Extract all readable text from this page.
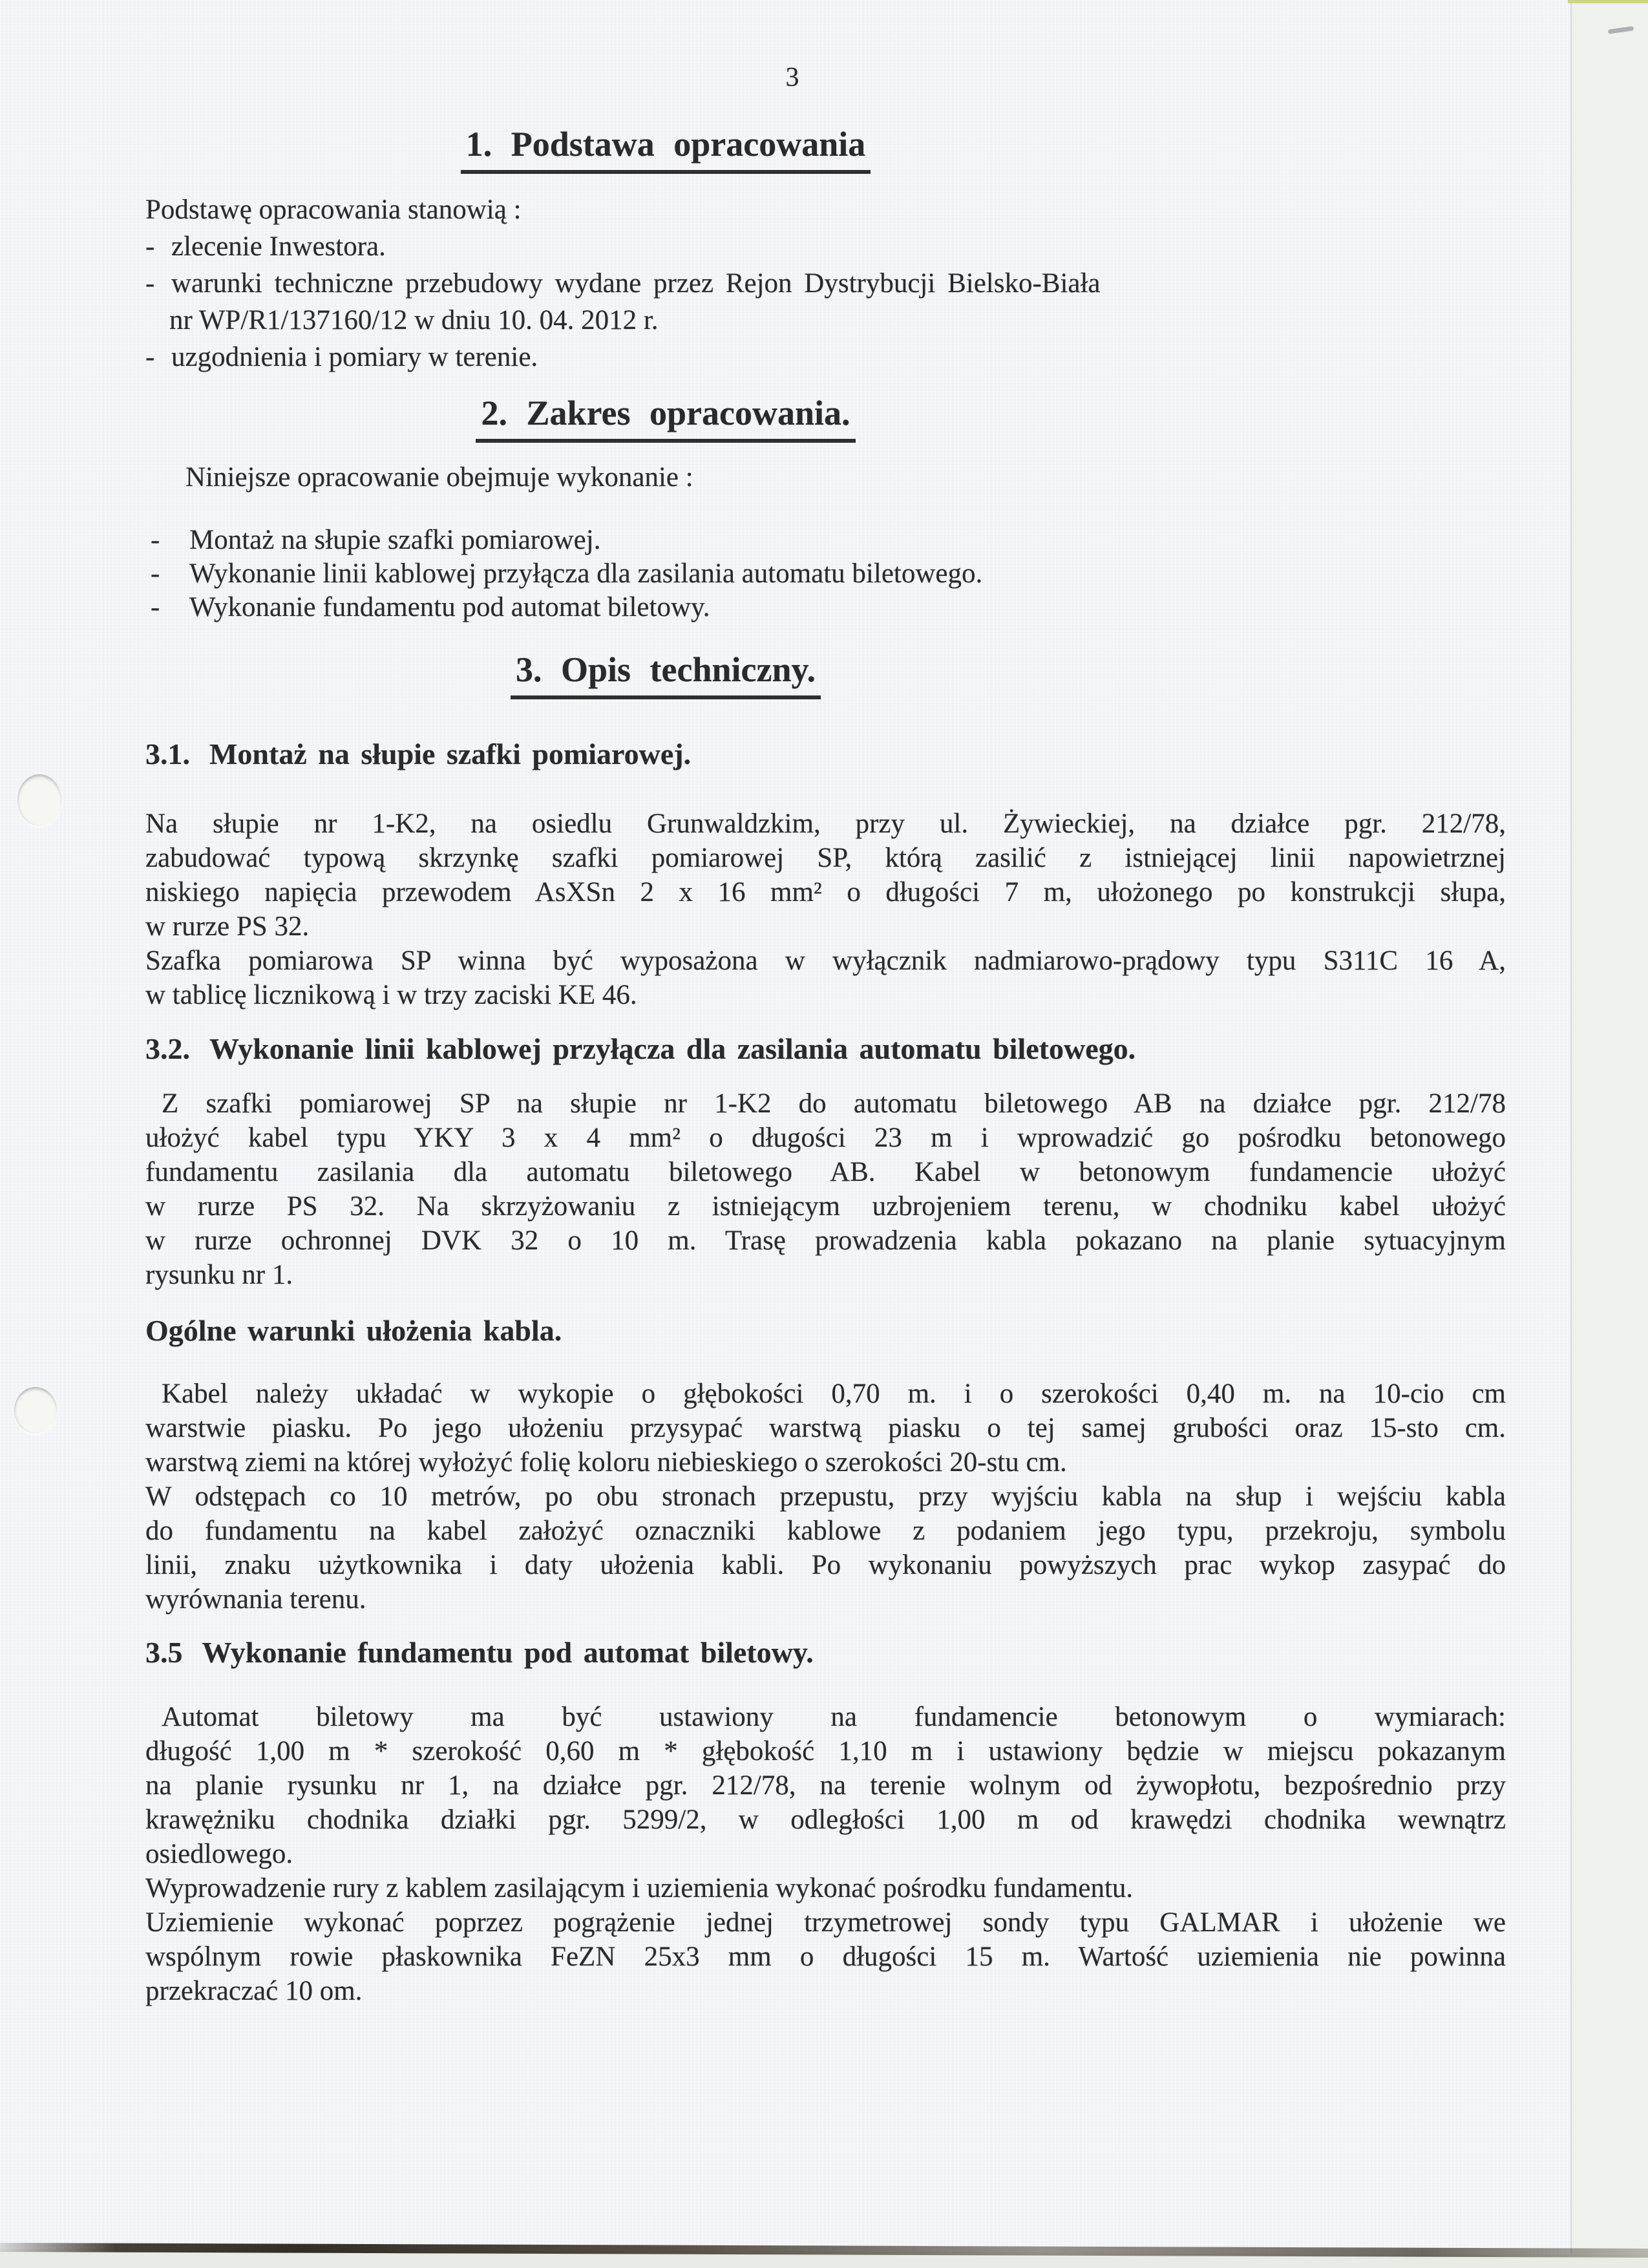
3
1. Podstawa opracowania
2. Zakres opracowania.
3. Opis techniczny.
Podstawę opracowania stanowią :
- zlecenie Inwestora.
- warunki techniczne przebudowy wydane przez Rejon Dystrybucji Bielsko-Biała
nr WP/R1/137160/12 w dniu 10. 04. 2012 r.
- uzgodnienia i pomiary w terenie.
Niniejsze opracowanie obejmuje wykonanie :
- Montaż na słupie szafki pomiarowej.
- Wykonanie linii kablowej przyłącza dla zasilania automatu biletowego.
- Wykonanie fundamentu pod automat biletowy.
3.1. Montaż na słupie szafki pomiarowej.
Na słupie nr 1-K2, na osiedlu Grunwaldzkim, przy ul. Żywieckiej, na działce pgr. 212/78,
zabudować typową skrzynkę szafki pomiarowej SP, którą zasilić z istniejącej linii napowietrznej
niskiego napięcia przewodem AsXSn 2 x 16 mm² o długości 7 m, ułożonego po konstrukcji słupa,
w rurze PS 32.
Szafka pomiarowa SP winna być wyposażona w wyłącznik nadmiarowo-prądowy typu S311C 16 A,
w tablicę licznikową i w trzy zaciski KE 46.
3.2. Wykonanie linii kablowej przyłącza dla zasilania automatu biletowego.
Z szafki pomiarowej SP na słupie nr 1-K2 do automatu biletowego AB na działce pgr. 212/78
ułożyć kabel typu YKY 3 x 4 mm² o długości 23 m i wprowadzić go pośrodku betonowego
fundamentu zasilania dla automatu biletowego AB. Kabel w betonowym fundamencie ułożyć
w rurze PS 32. Na skrzyżowaniu z istniejącym uzbrojeniem terenu, w chodniku kabel ułożyć
w rurze ochronnej DVK 32 o 10 m. Trasę prowadzenia kabla pokazano na planie sytuacyjnym
rysunku nr 1.
Ogólne warunki ułożenia kabla.
Kabel należy układać w wykopie o głębokości 0,70 m. i o szerokości 0,40 m. na 10-cio cm
warstwie piasku. Po jego ułożeniu przysypać warstwą piasku o tej samej grubości oraz 15-sto cm.
warstwą ziemi na której wyłożyć folię koloru niebieskiego o szerokości 20-stu cm.
W odstępach co 10 metrów, po obu stronach przepustu, przy wyjściu kabla na słup i wejściu kabla
do fundamentu na kabel założyć oznaczniki kablowe z podaniem jego typu, przekroju, symbolu
linii, znaku użytkownika i daty ułożenia kabli. Po wykonaniu powyższych prac wykop zasypać do
wyrównania terenu.
3.5 Wykonanie fundamentu pod automat biletowy.
Automat biletowy ma być ustawiony na fundamencie betonowym o wymiarach:
długość 1,00 m * szerokość 0,60 m * głębokość 1,10 m i ustawiony będzie w miejscu pokazanym
na planie rysunku nr 1, na działce pgr. 212/78, na terenie wolnym od żywopłotu, bezpośrednio przy
krawężniku chodnika działki pgr. 5299/2, w odległości 1,00 m od krawędzi chodnika wewnątrz
osiedlowego.
Wyprowadzenie rury z kablem zasilającym i uziemienia wykonać pośrodku fundamentu.
Uziemienie wykonać poprzez pogrążenie jednej trzymetrowej sondy typu GALMAR i ułożenie we
wspólnym rowie płaskownika FeZN 25x3 mm o długości 15 m. Wartość uziemienia nie powinna
przekraczać 10 om.
